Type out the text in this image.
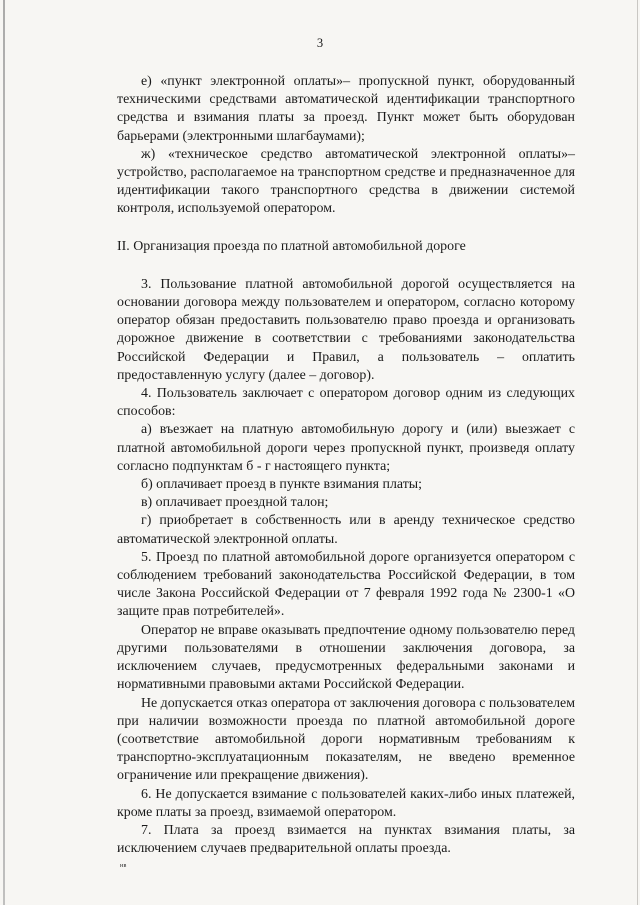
3

е) «пункт электронной оплаты»– пропускной пункт, оборудованный техническими средствами автоматической идентификации транспортного средства и взимания платы за проезд. Пункт может быть оборудован барьерами (электронными шлагбаумами);

ж) «техническое средство автоматической электронной оплаты»– устройство, располагаемое на транспортном средстве и предназначенное для идентификации такого транспортного средства в движении системой контроля, используемой оператором.

II. Организация проезда по платной автомобильной дороге

3. Пользование платной автомобильной дорогой осуществляется на основании договора между пользователем и оператором, согласно которому оператор обязан предоставить пользователю право проезда и организовать дорожное движение в соответствии с требованиями законодательства Российской Федерации и Правил, а пользователь – оплатить предоставленную услугу (далее – договор).

4. Пользователь заключает с оператором договор одним из следующих способов:

а) въезжает на платную автомобильную дорогу и (или) выезжает с платной автомобильной дороги через пропускной пункт, произведя оплату согласно подпунктам б - г настоящего пункта;

б) оплачивает проезд в пункте взимания платы;

в) оплачивает проездной талон;

г) приобретает в собственность или в аренду техническое средство автоматической электронной оплаты.

5. Проезд по платной автомобильной дороге организуется оператором с соблюдением требований законодательства Российской Федерации, в том числе Закона Российской Федерации от 7 февраля 1992 года № 2300-1 «О защите прав потребителей».

Оператор не вправе оказывать предпочтение одному пользователю перед другими пользователями в отношении заключения договора, за исключением случаев, предусмотренных федеральными законами и нормативными правовыми актами Российской Федерации.

Не допускается отказ оператора от заключения договора с пользователем при наличии возможности проезда по платной автомобильной дороге (соответствие автомобильной дороги нормативным требованиям к транспортно-эксплуатационным показателям, не введено временное ограничение или прекращение движения).

6. Не допускается взимание с пользователей каких-либо иных платежей, кроме платы за проезд, взимаемой оператором.

7. Плата за проезд взимается на пунктах взимания платы, за исключением случаев предварительной оплаты проезда.

нв
